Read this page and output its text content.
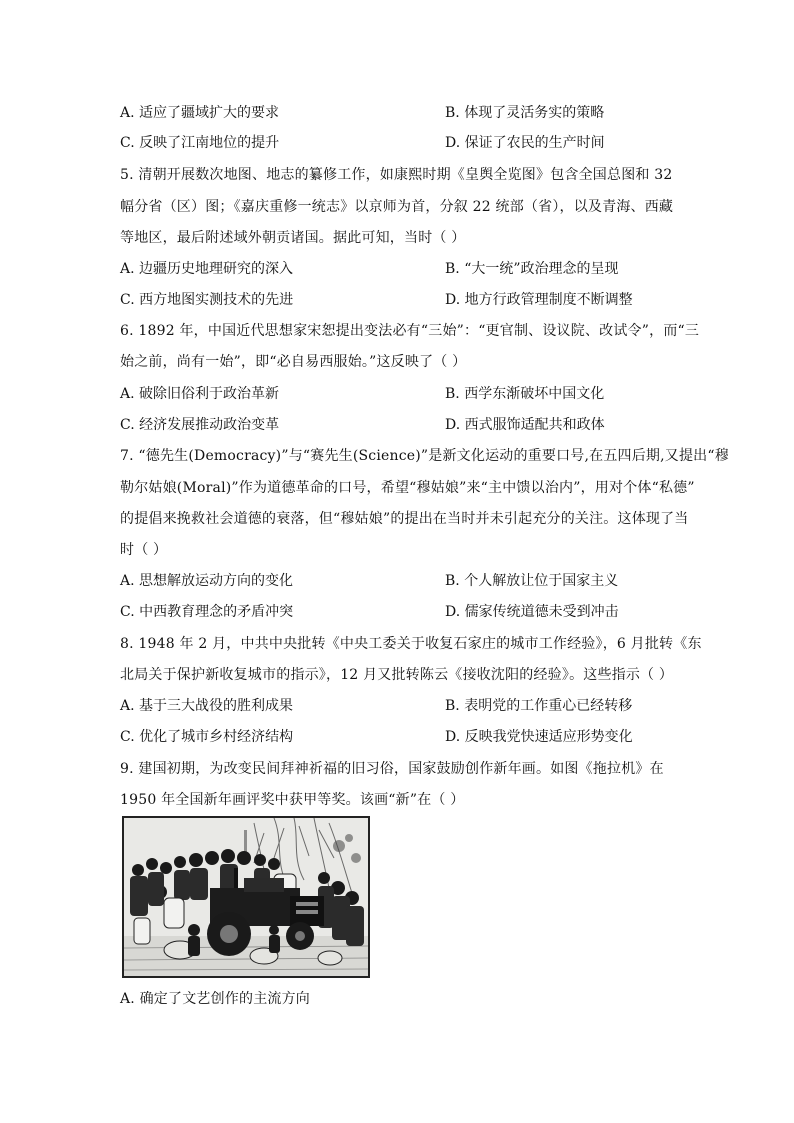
A. 适应了疆域扩大的要求	B. 体现了灵活务实的策略
C. 反映了江南地位的提升	D. 保证了农民的生产时间
5. 清朝开展数次地图、地志的纂修工作，如康熙时期《皇舆全览图》包含全国总图和 32
幅分省（区）图；《嘉庆重修一统志》以京师为首，分叙 22 统部（省），以及青海、西藏
等地区，最后附述域外朝贡诸国。据此可知，当时（ ）
A. 边疆历史地理研究的深入	B. “大一统”政治理念的呈现
C. 西方地图实测技术的先进	D. 地方行政管理制度不断调整
6. 1892 年，中国近代思想家宋恕提出变法必有“三始”：“更官制、设议院、改试令”，而“三
始之前，尚有一始”，即“必自易西服始。”这反映了（ ）
A. 破除旧俗利于政治革新	B. 西学东渐破坏中国文化
C. 经济发展推动政治变革	D. 西式服饰适配共和政体
7. “德先生(Democracy)”与“赛先生(Science)”是新文化运动的重要口号,在五四后期,又提出“穆
勒尔姑娘(Moral)”作为道德革命的口号，希望“穆姑娘”来“主中馈以治内”，用对个体“私德”
的提倡来挽救社会道德的衰落，但“穆姑娘”的提出在当时并未引起充分的关注。这体现了当
时（ ）
A. 思想解放运动方向的变化	B. 个人解放让位于国家主义
C. 中西教育理念的矛盾冲突	D. 儒家传统道德未受到冲击
8. 1948 年 2 月，中共中央批转《中央工委关于收复石家庄的城市工作经验》，6 月批转《东
北局关于保护新收复城市的指示》，12 月又批转陈云《接收沈阳的经验》。这些指示（ ）
A. 基于三大战役的胜利成果	B. 表明党的工作重心已经转移
C. 优化了城市乡村经济结构	D. 反映我党快速适应形势变化
9. 建国初期，为改变民间拜神祈福的旧习俗，国家鼓励创作新年画。如图《拖拉机》在
1950 年全国新年画评奖中获甲等奖。该画“新”在（ ）
A. 确定了文艺创作的主流方向
